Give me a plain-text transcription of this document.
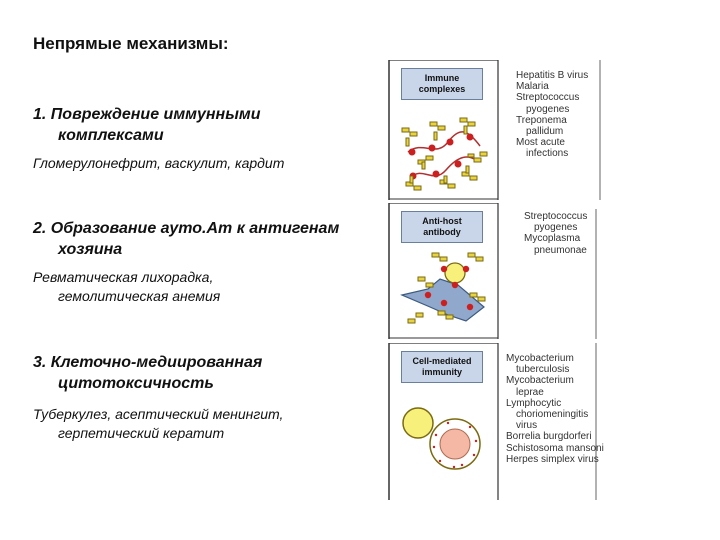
Непрямые механизмы:
1. Повреждение иммунными
комплексами
Гломерулонефрит, васкулит, кардит
2. Образование ауто.Ат к антигенам
хозяина
Ревматическая лихорадка,
гемолитическая анемия
3. Клеточно-медиированная
цитотоксичность
Туберкулез, асептический менингит,
герпетический кератит
Immune
complexes
Hepatitis B virus
Malaria
Streptococcus
pyogenes
Treponema
pallidum
Most acute
infections
Anti-host
antibody
Streptococcus
pyogenes
Mycoplasma
pneumonae
Cell-mediated
immunity
Mycobacterium
tuberculosis
Mycobacterium
leprae
Lymphocytic
choriomeningitis
virus
Borrelia burgdorferi
Schistosoma mansoni
Herpes simplex virus
